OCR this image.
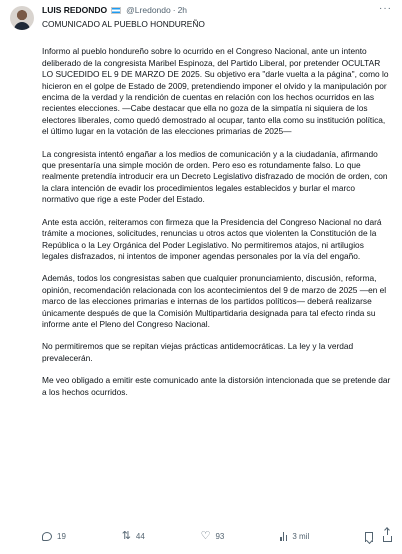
LUIS REDONDO @Lredondo · 2h	···

COMUNICADO AL PUEBLO HONDUREÑO

Informo al pueblo hondureño sobre lo ocurrido en el Congreso Nacional, ante un intento deliberado de la congresista Maribel Espinoza, del Partido Liberal, por pretender OCULTAR LO SUCEDIDO EL 9 DE MARZO DE 2025. Su objetivo era "darle vuelta a la página", como lo hicieron en el golpe de Estado de 2009, pretendiendo imponer el olvido y la manipulación por encima de la verdad y la rendición de cuentas en relación con los hechos ocurridos en las recientes elecciones. —Cabe destacar que ella no goza de la simpatía ni siquiera de los electores liberales, como quedó demostrado al ocupar, tanto ella como su institución política, el último lugar en la votación de las elecciones primarias de 2025—

La congresista intentó engañar a los medios de comunicación y a la ciudadanía, afirmando que presentaría una simple moción de orden. Pero eso es rotundamente falso. Lo que realmente pretendía introducir era un Decreto Legislativo disfrazado de moción de orden, con la clara intención de evadir los procedimientos legales establecidos y burlar el marco normativo que rige a este Poder del Estado.

Ante esta acción, reiteramos con firmeza que la Presidencia del Congreso Nacional no dará trámite a mociones, solicitudes, renuncias u otros actos que violenten la Constitución de la República o la Ley Orgánica del Poder Legislativo. No permitiremos atajos, ni artilugios legales disfrazados, ni intentos de imponer agendas personales por la vía del engaño.

Además, todos los congresistas saben que cualquier pronunciamiento, discusión, reforma, opinión, recomendación relacionada con los acontecimientos del 9 de marzo de 2025 —en el marco de las elecciones primarias e internas de los partidos políticos— deberá realizarse únicamente después de que la Comisión Multipartidaria designada para tal efecto rinda su informe ante el Pleno del Congreso Nacional.

No permitiremos que se repitan viejas prácticas antidemocráticas. La ley y la verdad prevalecerán.

Me veo obligado a emitir este comunicado ante la distorsión intencionada que se pretende dar a los hechos ocurridos.

19	⇅ 44	♡ 93	3 mil
